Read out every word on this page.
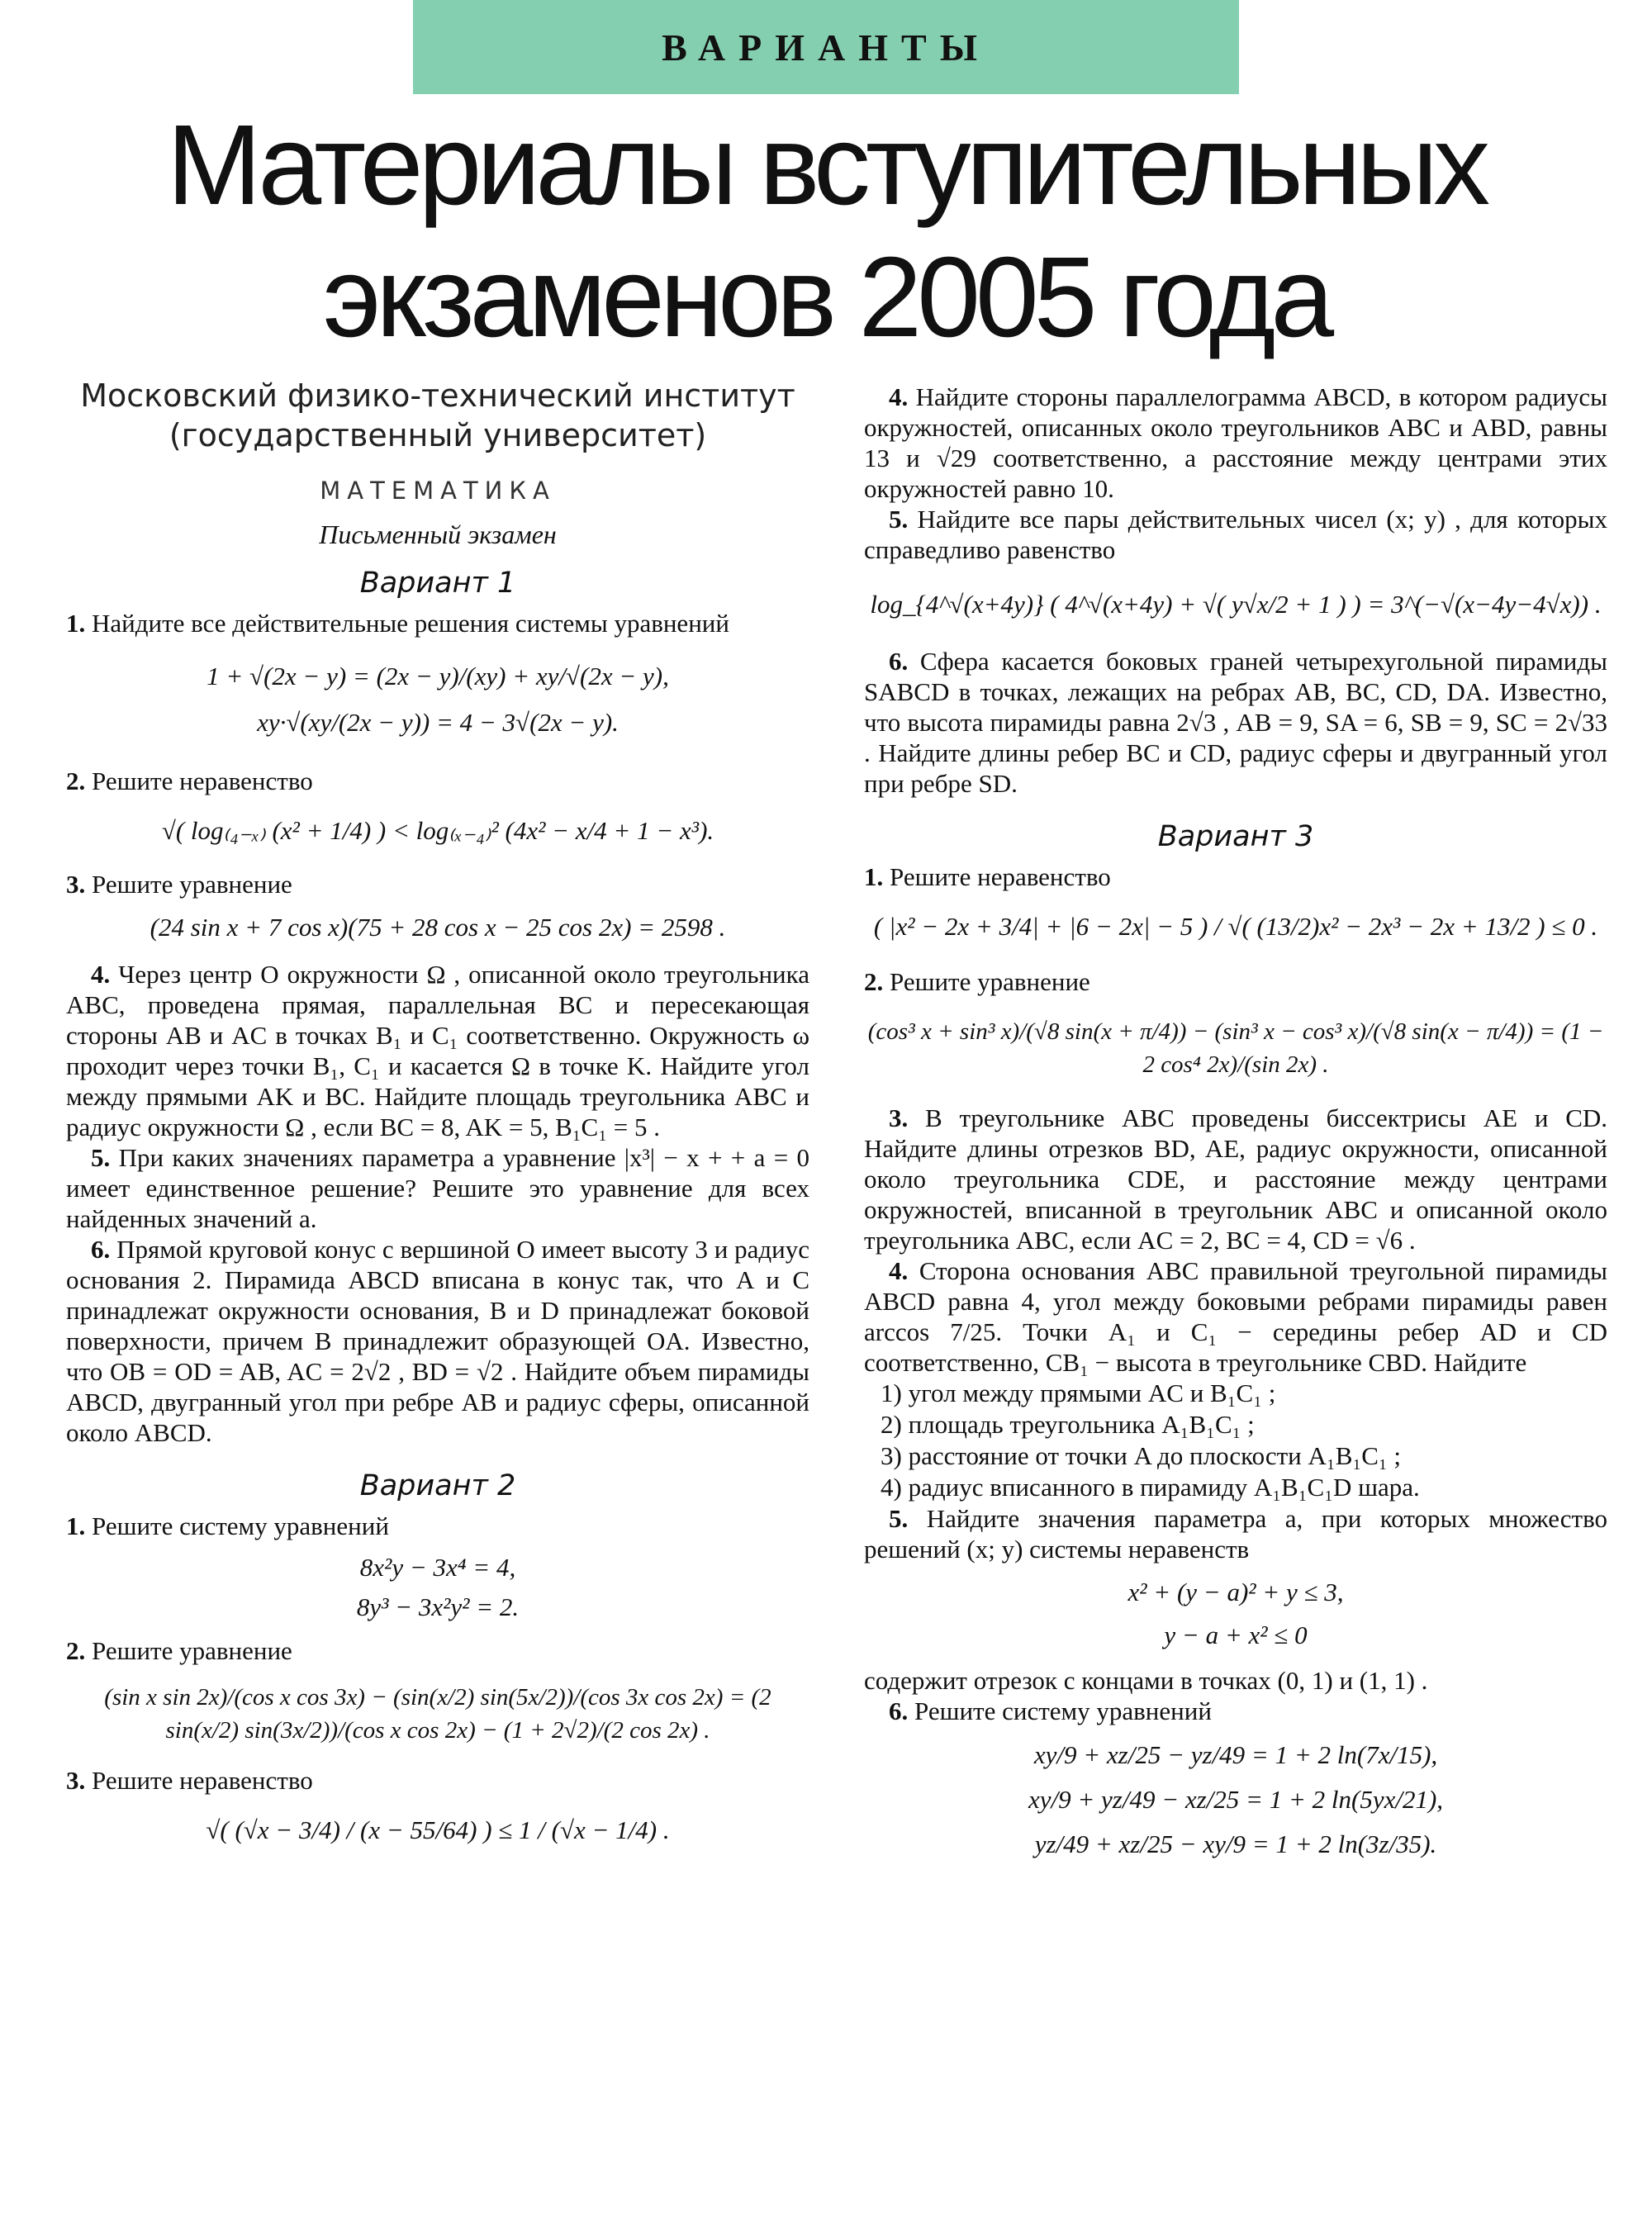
ВАРИАНТЫ
Материалы вступительных
экзаменов 2005 года
Московский физико-технический институт
(государственный университет)
МАТЕМАТИКА
Письменный экзамен
Вариант 1
1. Найдите все действительные решения системы уравнений
1 + √(2x − y) = (2x − y)/(xy) + xy/√(2x − y),
xy·√(xy/(2x − y)) = 4 − 3√(2x − y).
2. Решите неравенство
√( log₍₄₋ₓ₎ (x² + 1/4) ) < log₍ₓ₋₄₎² (4x² − x/4 + 1 − x³).
3. Решите уравнение
(24 sin x + 7 cos x)(75 + 28 cos x − 25 cos 2x) = 2598 .
4. Через центр O окружности Ω , описанной около треугольника ABC, проведена прямая, параллельная BC и пересекающая стороны AB и AC в точках B₁ и C₁ соответственно. Окружность ω проходит через точки B₁, C₁ и касается Ω в точке K. Найдите угол между прямыми AK и BC. Найдите площадь треугольника ABC и радиус окружности Ω , если BC = 8, AK = 5, B₁C₁ = 5 .
5. При каких значениях параметра a уравнение |x³| − x + + a = 0 имеет единственное решение? Решите это уравнение для всех найденных значений a.
6. Прямой круговой конус с вершиной O имеет высоту 3 и радиус основания 2. Пирамида ABCD вписана в конус так, что A и C принадлежат окружности основания, B и D принадлежат боковой поверхности, причем B принадлежит образующей OA. Известно, что OB = OD = AB, AC = 2√2 , BD = √2 . Найдите объем пирамиды ABCD, двугранный угол при ребре AB и радиус сферы, описанной около ABCD.
Вариант 2
1. Решите систему уравнений
8x²y − 3x⁴ = 4,
8y³ − 3x²y² = 2.
2. Решите уравнение
(sin x sin 2x)/(cos x cos 3x) − (sin(x/2) sin(5x/2))/(cos 3x cos 2x) = (2 sin(x/2) sin(3x/2))/(cos x cos 2x) − (1 + 2√2)/(2 cos 2x) .
3. Решите неравенство
√( (√x − 3/4) / (x − 55/64) ) ≤ 1 / (√x − 1/4) .
4. Найдите стороны параллелограмма ABCD, в котором радиусы окружностей, описанных около треугольников ABC и ABD, равны 13 и √29 соответственно, а расстояние между центрами этих окружностей равно 10.
5. Найдите все пары действительных чисел (x; y) , для которых справедливо равенство
log_{4^√(x+4y)} ( 4^√(x+4y) + √( y√x/2 + 1 ) ) = 3^(−√(x−4y−4√x)) .
6. Сфера касается боковых граней четырехугольной пирамиды SABCD в точках, лежащих на ребрах AB, BC, CD, DA. Известно, что высота пирамиды равна 2√3 , AB = 9, SA = 6, SB = 9, SC = 2√33 . Найдите длины ребер BC и CD, радиус сферы и двугранный угол при ребре SD.
Вариант 3
1. Решите неравенство
( |x² − 2x + 3/4| + |6 − 2x| − 5 ) / √( (13/2)x² − 2x³ − 2x + 13/2 ) ≤ 0 .
2. Решите уравнение
(cos³ x + sin³ x)/(√8 sin(x + π/4)) − (sin³ x − cos³ x)/(√8 sin(x − π/4)) = (1 − 2 cos⁴ 2x)/(sin 2x) .
3. В треугольнике ABC проведены биссектрисы AE и CD. Найдите длины отрезков BD, AE, радиус окружности, описанной около треугольника CDE, и расстояние между центрами окружностей, вписанной в треугольник ABC и описанной около треугольника ABC, если AC = 2, BC = 4, CD = √6 .
4. Сторона основания ABC правильной треугольной пирамиды ABCD равна 4, угол между боковыми ребрами пирамиды равен arccos 7/25. Точки A₁ и C₁ − середины ребер AD и CD соответственно, CB₁ − высота в треугольнике CBD. Найдите
1) угол между прямыми AC и B₁C₁ ;
2) площадь треугольника A₁B₁C₁ ;
3) расстояние от точки A до плоскости A₁B₁C₁ ;
4) радиус вписанного в пирамиду A₁B₁C₁D шара.
5. Найдите значения параметра a, при которых множество решений (x; y) системы неравенств
x² + (y − a)² + y ≤ 3,
y − a + x² ≤ 0
содержит отрезок с концами в точках (0, 1) и (1, 1) .
6. Решите систему уравнений
xy/9 + xz/25 − yz/49 = 1 + 2 ln(7x/15),
xy/9 + yz/49 − xz/25 = 1 + 2 ln(5yx/21),
yz/49 + xz/25 − xy/9 = 1 + 2 ln(3z/35).
